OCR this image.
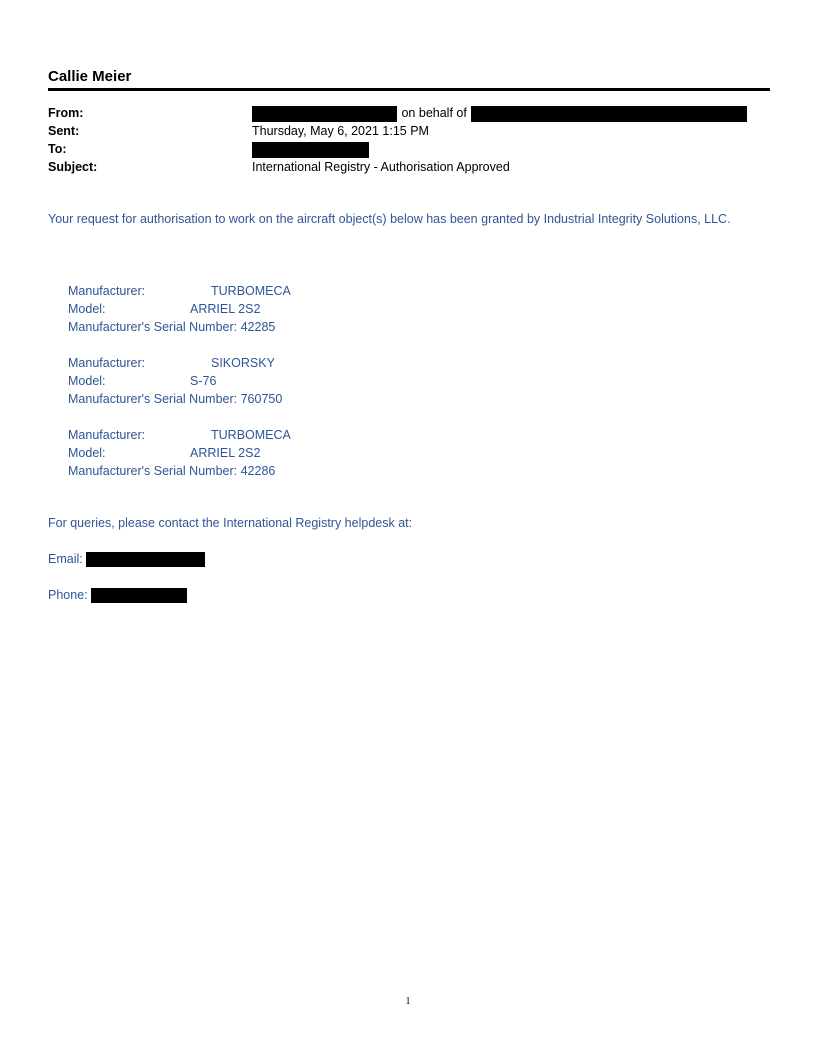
Callie Meier
From:	on behalf of
Sent:	Thursday, May 6, 2021 1:15 PM
To:
Subject:	International Registry - Authorisation Approved
Your request for authorisation to work on the aircraft object(s) below has been granted by Industrial Integrity Solutions, LLC.
Manufacturer:	TURBOMECA
Model:	ARRIEL 2S2
Manufacturer's Serial Number: 42285
Manufacturer:	SIKORSKY
Model:	S-76
Manufacturer's Serial Number: 760750
Manufacturer:	TURBOMECA
Model:	ARRIEL 2S2
Manufacturer's Serial Number: 42286
For queries, please contact the International Registry helpdesk at:
Email:
Phone:
1
